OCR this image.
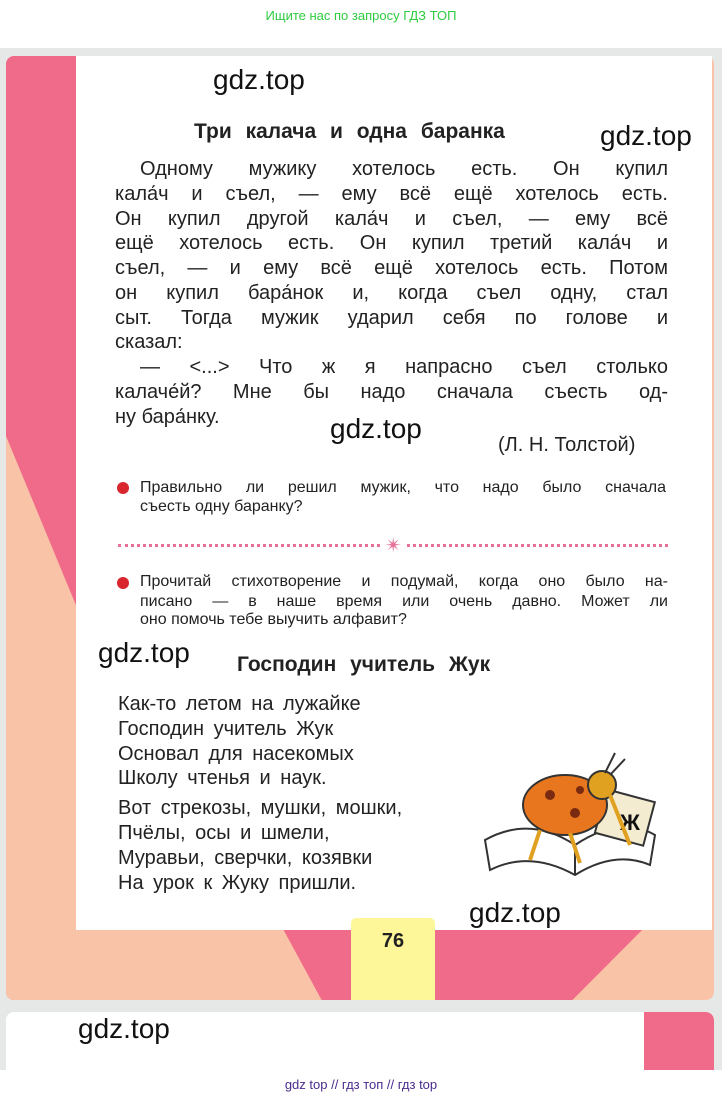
Ищите нас по запросу ГДЗ ТОП
76
gdz.top
gdz.top
gdz.top
gdz.top
gdz.top
Три калача и одна баранка
Одному мужику хотелось есть. Он купил
кала́ч и съел, — ему всё ещё хотелось есть.
Он купил другой кала́ч и съел, — ему всё
ещё хотелось есть. Он купил третий кала́ч и
съел, — и ему всё ещё хотелось есть. Потом
он купил бара́нок и, когда съел одну, стал
сыт. Тогда мужик ударил себя по голове и
сказал:
— <...> Что ж я напрасно съел столько
калаче́й? Мне бы надо сначала съесть од-
ну бара́нку.
(Л. Н. Толстой)
Правильно ли решил мужик, что надо было сначала
съесть одну баранку?
✴
Прочитай стихотворение и подумай, когда оно было на-
писано — в наше время или очень давно. Может ли
оно помочь тебе выучить алфавит?
Господин учитель Жук
Как-то летом на лужайке
Господин учитель Жук
Основал для насекомых
Школу чтенья и наук.
Вот стрекозы, мушки, мошки,
Пчёлы, осы и шмели,
Муравьи, сверчки, козявки
На урок к Жуку пришли.
Ж
gdz.top
gdz top // гдз топ // гдз top
